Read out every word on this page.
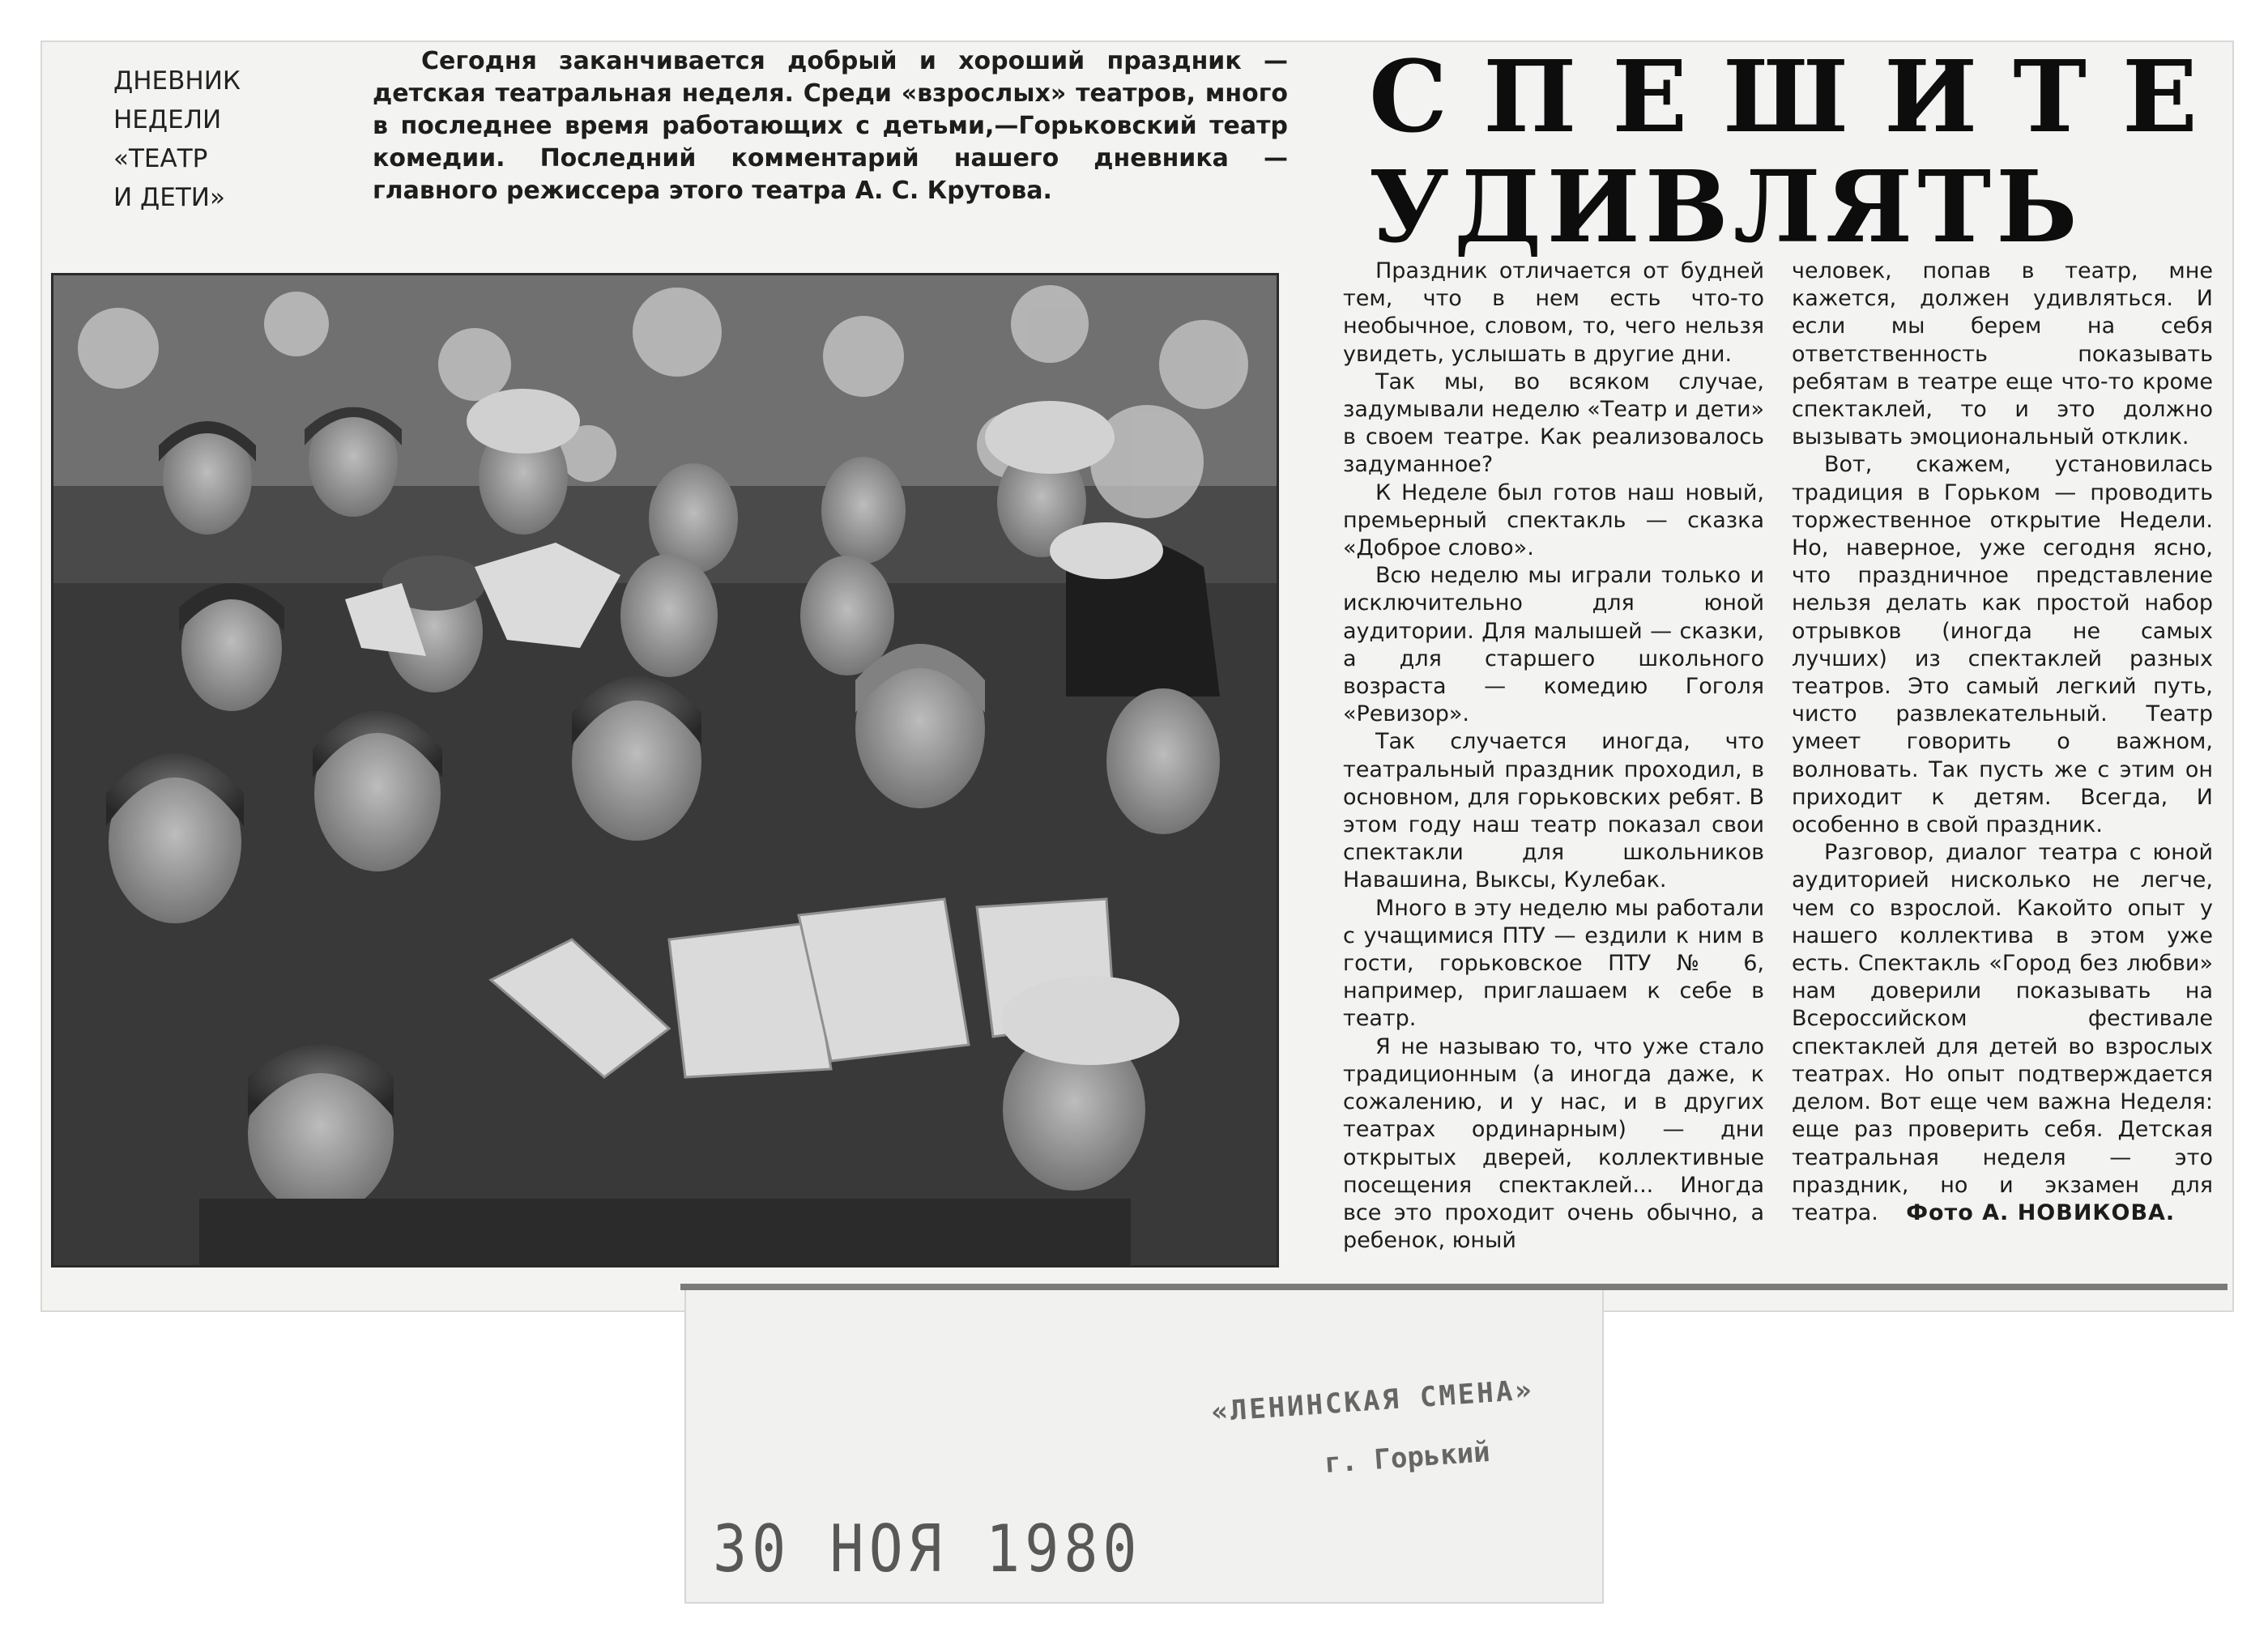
ДНЕВНИК
НЕДЕЛИ
«ТЕАТР
И ДЕТИ»
Сегодня заканчивается добрый и хороший праздник — детская театральная неделя. Среди «взрослых» театров, много в последнее время работающих с детьми,—Горьковский театр комедии. Последний комментарий нашего дневника — главного режиссера этого театра А. С. Крутова.
СПЕШИТЕ
УДИВЛЯТЬ

Праздник отличается от будней тем, что в нем есть что-то необычное, словом, то, чего нельзя увидеть, услышать в другие дни.

Так мы, во всяком случае, задумывали неделю «Театр и дети» в своем театре. Как реализовалось задуманное?

К Неделе был готов наш новый, премьерный спектакль — сказка «Доброе слово».

Всю неделю мы играли только и исключительно для юной аудитории. Для малышей — сказки, а для старшего школьного возраста — комедию Гоголя «Ревизор».

Так случается иногда, что театральный праздник проходил, в основном, для горьковских ребят. В этом году наш театр показал свои спектакли для школьников Навашина, Выксы, Кулебак.

Много в эту неделю мы работали с учащимися ПТУ — ездили к ним в гости, горьковское ПТУ № 6, например, приглашаем к себе в театр.

Я не называю то, что уже стало традиционным (а иногда даже, к сожалению, и у нас, и в других театрах ординарным) — дни открытых дверей, коллективные посещения спектаклей... Иногда все это проходит очень обычно, а ребенок, юный

человек, попав в театр, мне кажется, должен удивляться. И если мы берем на себя ответственность показывать ребятам в театре еще что-то кроме спектаклей, то и это должно вызывать эмоциональный отклик.

Вот, скажем, установилась традиция в Горьком — проводить торжественное открытие Недели. Но, наверное, уже сегодня ясно, что праздничное представление нельзя делать как простой набор отрывков (иногда не самых лучших) из спектаклей разных театров. Это самый легкий путь, чисто развлекательный. Театр умеет говорить о важном, волновать. Так пусть же с этим он приходит к детям. Всегда, И особенно в свой праздник.

Разговор, диалог театра с юной аудиторией нисколько не легче, чем со взрослой. Какойто опыт у нашего коллектива в этом уже есть. Спектакль «Город без любви» нам доверили показывать на Всероссийском фестивале спектаклей для детей во взрослых театрах. Но опыт подтверждается делом. Вот еще чем важна Неделя: еще раз проверить себя. Детская театральная неделя — это праздник, но и экзамен для театра. Фото А. НОВИКОВА.

«ЛЕНИНСКАЯ СМЕНА»
г. Горький
30 НОЯ 1980
